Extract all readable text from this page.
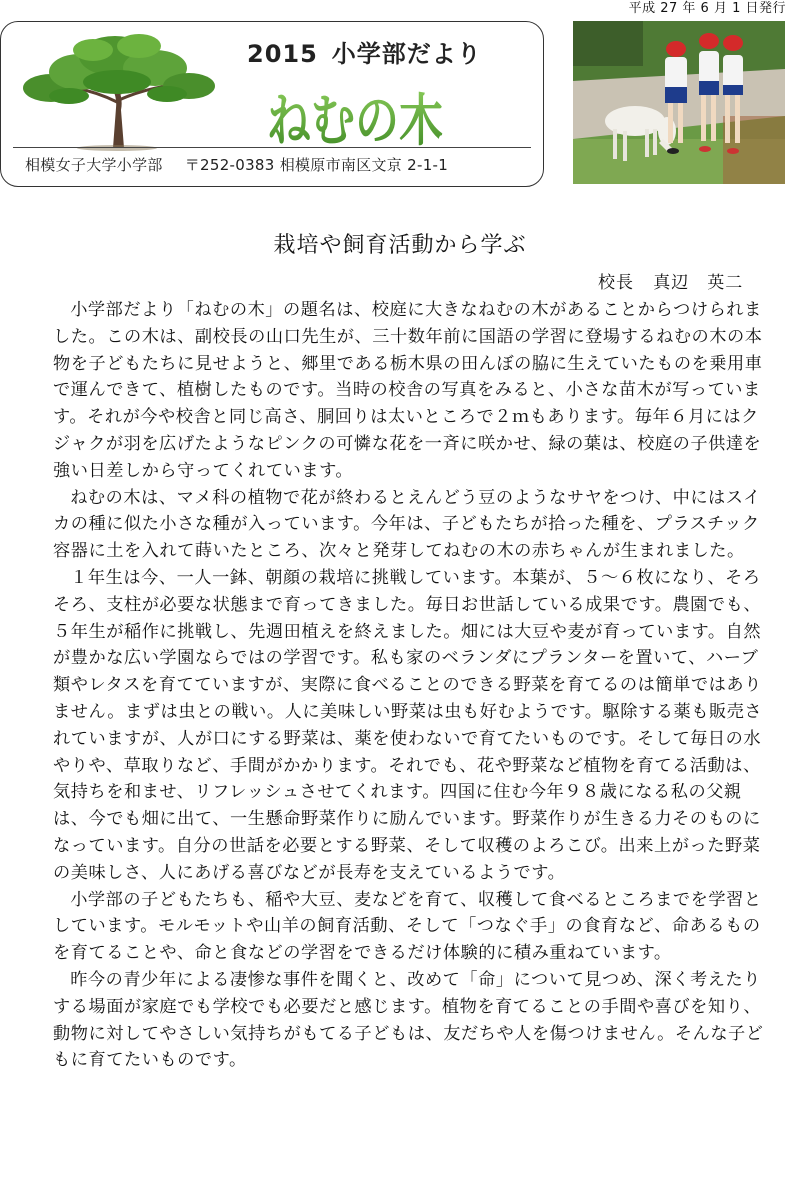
平成 27 年 6 月 1 日発行
2015 小学部だより
ねむの木
相模女子大学小学部 〒252-0383 相模原市南区文京 2-1-1
栽培や飼育活動から学ぶ
校長 真辺　英二

小学部だより「ねむの木」の題名は、校庭に大きなねむの木があることからつけられました。この木は、副校長の山口先生が、三十数年前に国語の学習に登場するねむの木の本物を子どもたちに見せようと、郷里である栃木県の田んぼの脇に生えていたものを乗用車で運んできて、植樹したものです。当時の校舎の写真をみると、小さな苗木が写っています。それが今や校舎と同じ高さ、胴回りは太いところで２ｍもあります。毎年６月にはクジャクが羽を広げたようなピンクの可憐な花を一斉に咲かせ、緑の葉は、校庭の子供達を強い日差しから守ってくれています。

ねむの木は、マメ科の植物で花が終わるとえんどう豆のようなサヤをつけ、中にはスイカの種に似た小さな種が入っています。今年は、子どもたちが拾った種を、プラスチック容器に土を入れて蒔いたところ、次々と発芽してねむの木の赤ちゃんが生まれました。

１年生は今、一人一鉢、朝顔の栽培に挑戦しています。本葉が、５～６枚になり、そろそろ、支柱が必要な状態まで育ってきました。毎日お世話している成果です。農園でも、５年生が稲作に挑戦し、先週田植えを終えました。畑には大豆や麦が育っています。自然が豊かな広い学園ならではの学習です。私も家のベランダにプランターを置いて、ハーブ類やレタスを育てていますが、実際に食べることのできる野菜を育てるのは簡単ではありません。まずは虫との戦い。人に美味しい野菜は虫も好むようです。駆除する薬も販売されていますが、人が口にする野菜は、薬を使わないで育てたいものです。そして毎日の水やりや、草取りなど、手間がかかります。それでも、花や野菜など植物を育てる活動は、気持ちを和ませ、リフレッシュさせてくれます。四国に住む今年９８歳になる私の父親は、今でも畑に出て、一生懸命野菜作りに励んでいます。野菜作りが生きる力そのものになっています。自分の世話を必要とする野菜、そして収穫のよろこび。出来上がった野菜の美味しさ、人にあげる喜びなどが長寿を支えているようです。

小学部の子どもたちも、稲や大豆、麦などを育て、収穫して食べるところまでを学習としています。モルモットや山羊の飼育活動、そして「つなぐ手」の食育など、命あるものを育てることや、命と食などの学習をできるだけ体験的に積み重ねています。

昨今の青少年による凄惨な事件を聞くと、改めて「命」について見つめ、深く考えたりする場面が家庭でも学校でも必要だと感じます。植物を育てることの手間や喜びを知り、動物に対してやさしい気持ちがもてる子どもは、友だちや人を傷つけません。そんな子どもに育てたいものです。
